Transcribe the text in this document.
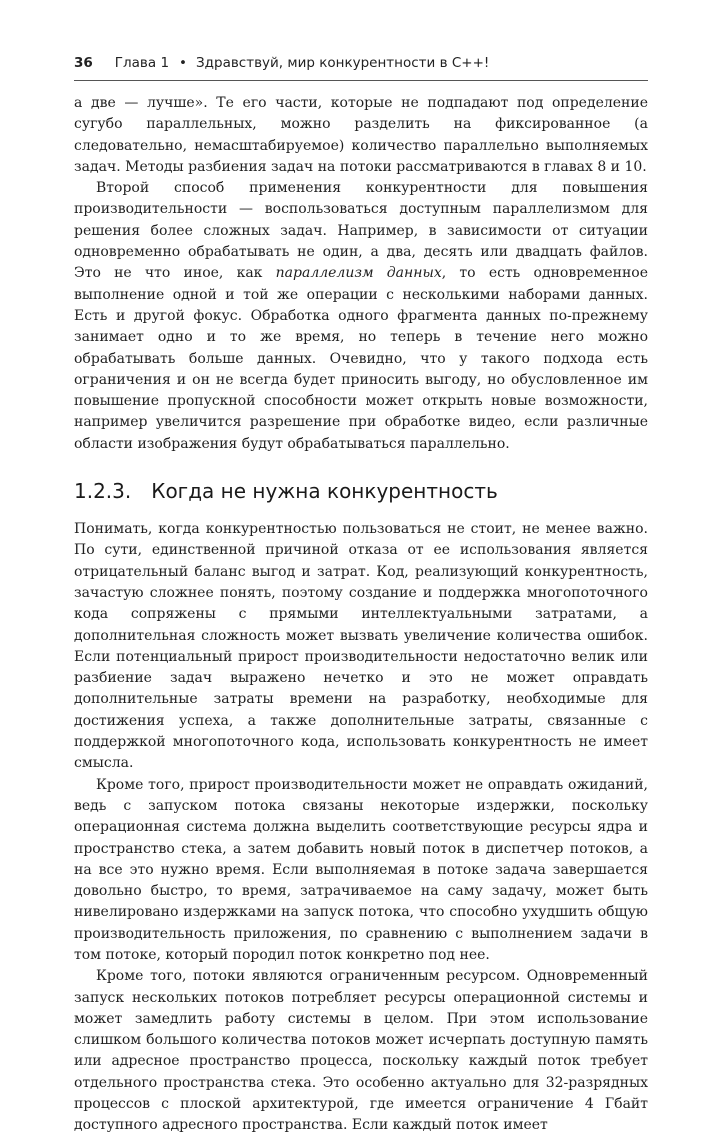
36 Глава 1 • Здравствуй, мир конкурентности в C++!

а две — лучше». Те его части, которые не подпадают под определение сугубо параллельных, можно разделить на фиксированное (а следовательно, немасштабируемое) количество параллельно выполняемых задач. Методы разбиения задач на потоки рассматриваются в главах 8 и 10.

Второй способ применения конкурентности для повышения производительности — воспользоваться доступным параллелизмом для решения более сложных задач. Например, в зависимости от ситуации одновременно обрабатывать не один, а два, десять или двадцать файлов. Это не что иное, как параллелизм данных, то есть одновременное выполнение одной и той же операции с несколькими наборами данных. Есть и другой фокус. Обработка одного фрагмента данных по-прежнему занимает одно и то же время, но теперь в течение него можно обрабатывать больше данных. Очевидно, что у такого подхода есть ограничения и он не всегда будет приносить выгоду, но обусловленное им повышение пропускной способности может открыть новые возможности, например увеличится разрешение при обработке видео, если различные области изображения будут обрабатываться параллельно.

1.2.3. Когда не нужна конкурентность

Понимать, когда конкурентностью пользоваться не стоит, не менее важно. По сути, единственной причиной отказа от ее использования является отрицательный баланс выгод и затрат. Код, реализующий конкурентность, зачастую сложнее понять, поэтому создание и поддержка многопоточного кода сопряжены с прямыми интеллектуальными затратами, а дополнительная сложность может вызвать увеличение количества ошибок. Если потенциальный прирост производительности недостаточно велик или разбиение задач выражено нечетко и это не может оправдать дополнительные затраты времени на разработку, необходимые для достижения успеха, а также дополнительные затраты, связанные с поддержкой многопоточного кода, использовать конкурентность не имеет смысла.

Кроме того, прирост производительности может не оправдать ожиданий, ведь с запуском потока связаны некоторые издержки, поскольку операционная система должна выделить соответствующие ресурсы ядра и пространство стека, а затем добавить новый поток в диспетчер потоков, а на все это нужно время. Если выполняемая в потоке задача завершается довольно быстро, то время, затрачиваемое на саму задачу, может быть нивелировано издержками на запуск потока, что способно ухудшить общую производительность приложения, по сравнению с выполнением задачи в том потоке, который породил поток конкретно под нее.

Кроме того, потоки являются ограниченным ресурсом. Одновременный запуск нескольких потоков потребляет ресурсы операционной системы и может замедлить работу системы в целом. При этом использование слишком большого количества потоков может исчерпать доступную память или адресное пространство процесса, поскольку каждый поток требует отдельного пространства стека. Это особенно актуально для 32-разрядных процессов с плоской архитектурой, где имеется ограничение 4 Гбайт доступного адресного пространства. Если каждый поток имеет
